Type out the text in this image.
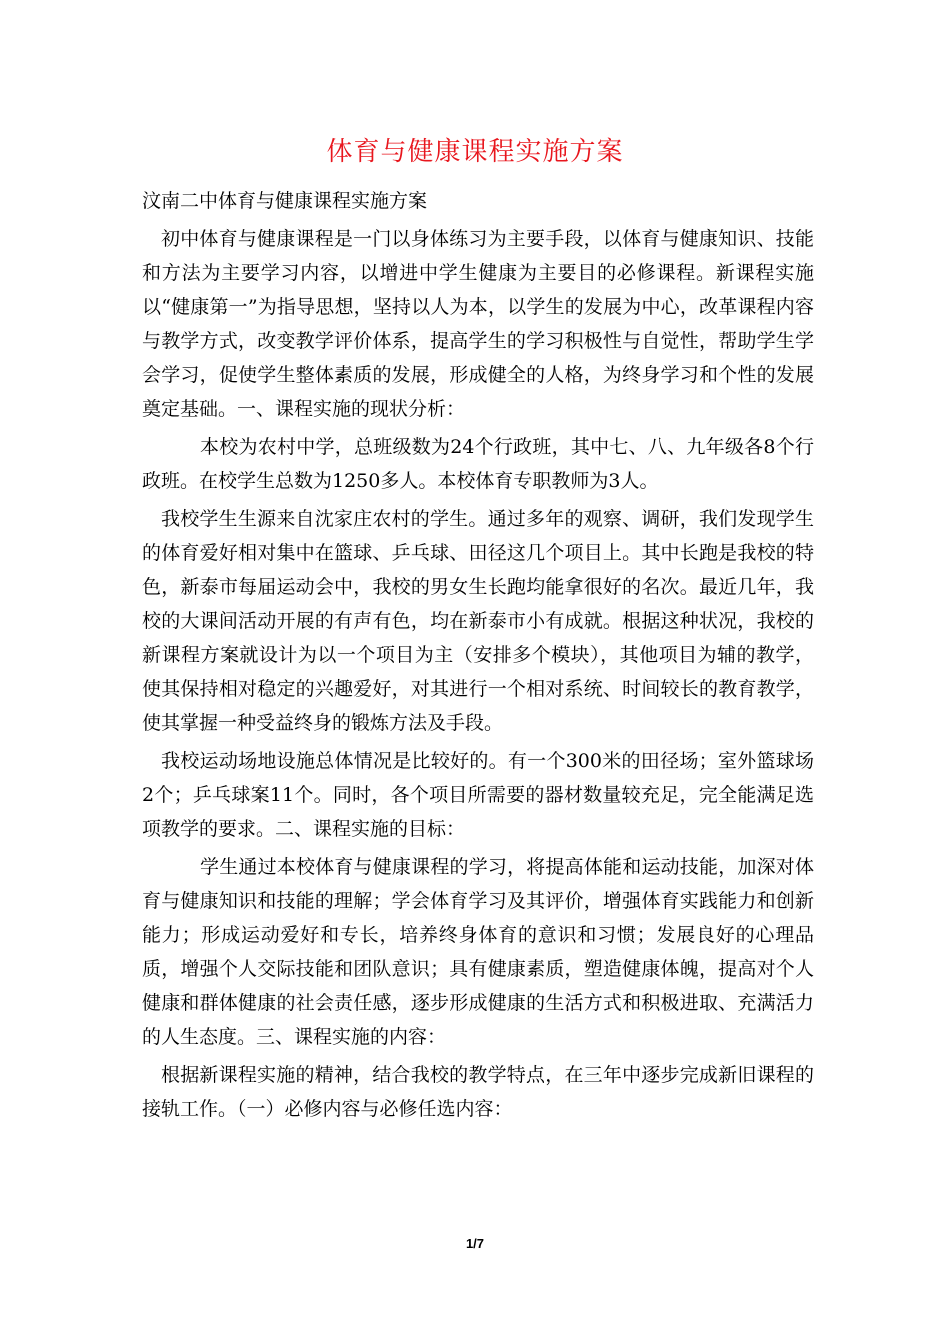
体育与健康课程实施方案

汶南二中体育与健康课程实施方案

初中体育与健康课程是一门以身体练习为主要手段，以体育与健康知识、技能和方法为主要学习内容，以增进中学生健康为主要目的必修课程。新课程实施以“健康第一”为指导思想，坚持以人为本，以学生的发展为中心，改革课程内容与教学方式，改变教学评价体系，提高学生的学习积极性与自觉性，帮助学生学会学习，促使学生整体素质的发展，形成健全的人格，为终身学习和个性的发展奠定基础。一、课程实施的现状分析：

本校为农村中学，总班级数为24个行政班，其中七、八、九年级各8个行政班。在校学生总数为1250多人。本校体育专职教师为3人。

我校学生生源来自沈家庄农村的学生。通过多年的观察、调研，我们发现学生的体育爱好相对集中在篮球、乒乓球、田径这几个项目上。其中长跑是我校的特色，新泰市每届运动会中，我校的男女生长跑均能拿很好的名次。最近几年，我校的大课间活动开展的有声有色，均在新泰市小有成就。根据这种状况，我校的新课程方案就设计为以一个项目为主（安排多个模块），其他项目为辅的教学，使其保持相对稳定的兴趣爱好，对其进行一个相对系统、时间较长的教育教学，使其掌握一种受益终身的锻炼方法及手段。

我校运动场地设施总体情况是比较好的。有一个300米的田径场；室外篮球场2个；乒乓球案11个。同时，各个项目所需要的器材数量较充足，完全能满足选项教学的要求。二、课程实施的目标：

学生通过本校体育与健康课程的学习，将提高体能和运动技能，加深对体育与健康知识和技能的理解；学会体育学习及其评价，增强体育实践能力和创新能力；形成运动爱好和专长，培养终身体育的意识和习惯；发展良好的心理品质，增强个人交际技能和团队意识；具有健康素质，塑造健康体魄，提高对个人健康和群体健康的社会责任感，逐步形成健康的生活方式和积极进取、充满活力的人生态度。三、课程实施的内容：

根据新课程实施的精神，结合我校的教学特点，在三年中逐步完成新旧课程的接轨工作。（一）必修内容与必修任选内容：

1/7
